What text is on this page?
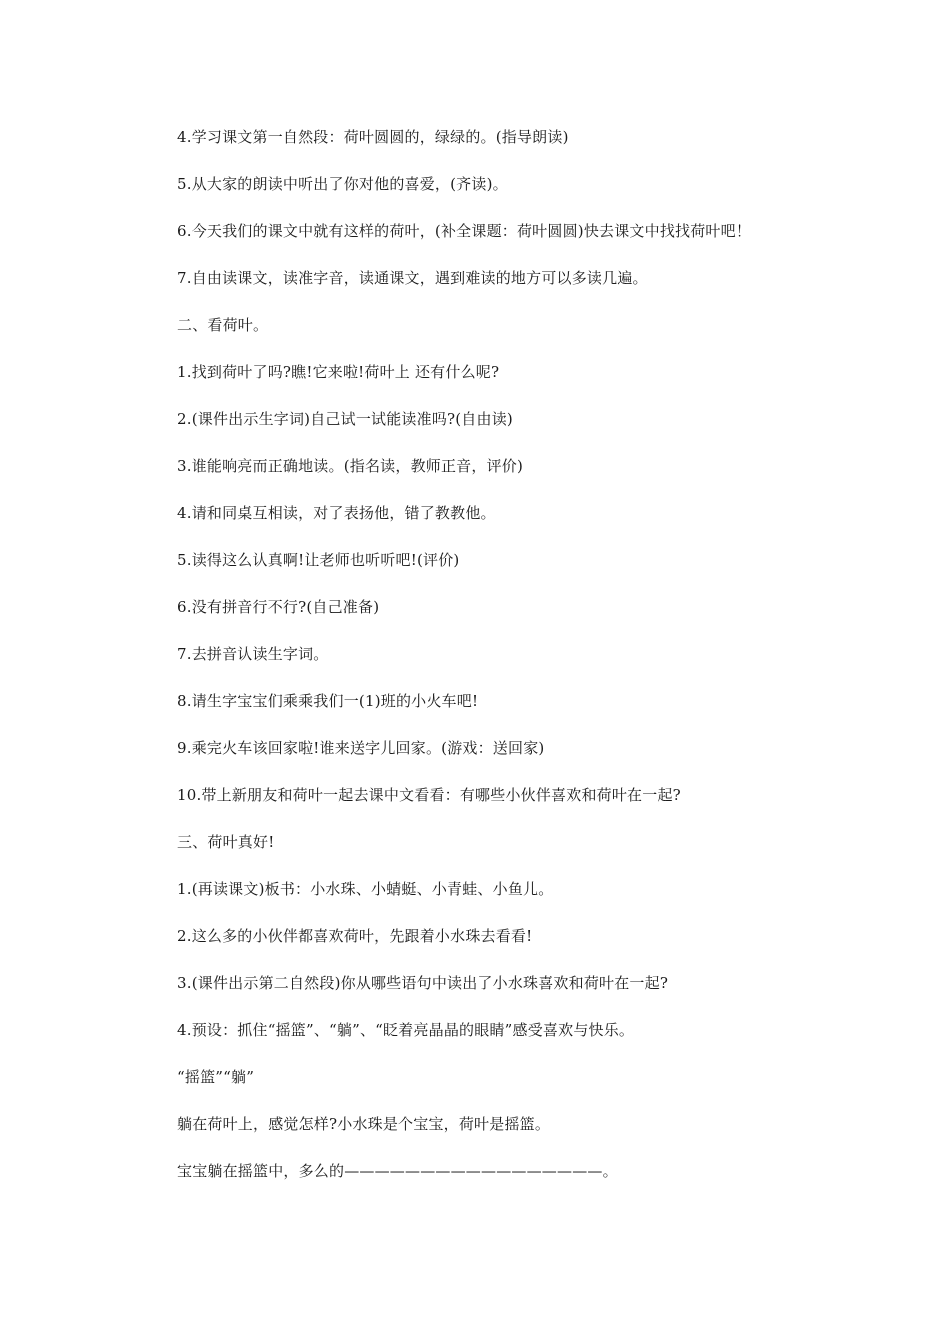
4.学习课文第一自然段：荷叶圆圆的，绿绿的。(指导朗读)
5.从大家的朗读中听出了你对他的喜爱，(齐读)。
6.今天我们的课文中就有这样的荷叶，(补全课题：荷叶圆圆)快去课文中找找荷叶吧！
7.自由读课文，读准字音，读通课文，遇到难读的地方可以多读几遍。
二、看荷叶。
1.找到荷叶了吗?瞧!它来啦!荷叶上 还有什么呢?
2.(课件出示生字词)自己试一试能读准吗?(自由读)
3.谁能响亮而正确地读。(指名读，教师正音，评价)
4.请和同桌互相读，对了表扬他，错了教教他。
5.读得这么认真啊!让老师也听听吧!(评价)
6.没有拼音行不行?(自己准备)
7.去拼音认读生字词。
8.请生字宝宝们乘乘我们一(1)班的小火车吧!
9.乘完火车该回家啦!谁来送字儿回家。(游戏：送回家)
10.带上新朋友和荷叶一起去课中文看看：有哪些小伙伴喜欢和荷叶在一起?
三、荷叶真好!
1.(再读课文)板书：小水珠、小蜻蜓、小青蛙、小鱼儿。
2.这么多的小伙伴都喜欢荷叶，先跟着小水珠去看看!
3.(课件出示第二自然段)你从哪些语句中读出了小水珠喜欢和荷叶在一起?
4.预设：抓住“摇篮”、“躺”、“眨着亮晶晶的眼睛”感受喜欢与快乐。
“摇篮”“躺”
躺在荷叶上，感觉怎样?小水珠是个宝宝，荷叶是摇篮。
宝宝躺在摇篮中，多么的—————————————————。
